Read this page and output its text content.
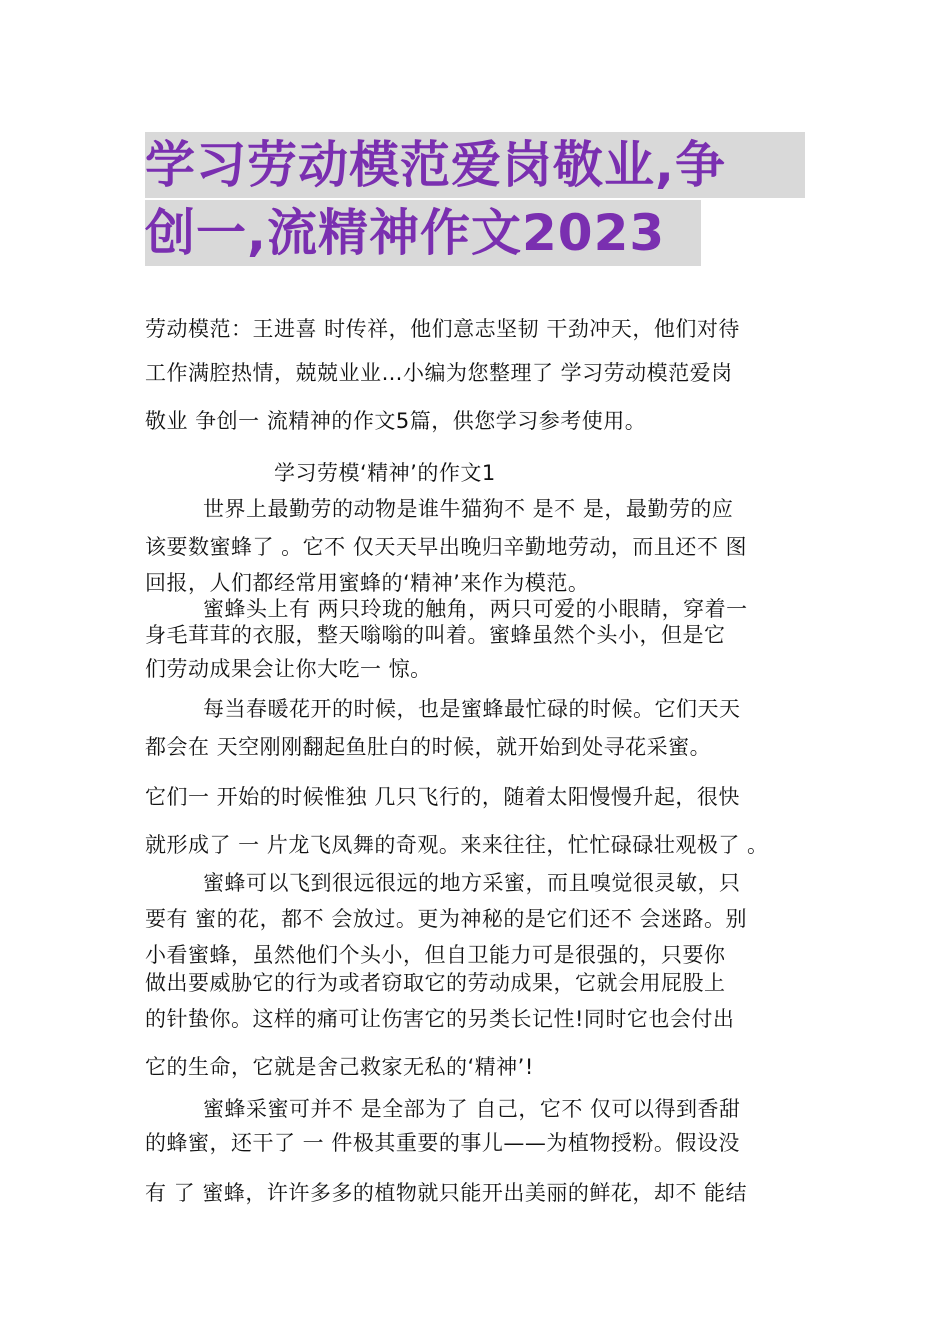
学习劳动模范爱岗敬业,争
创一,流精神作文2023
劳动模范：王进喜 时传祥，他们意志坚韧 干劲冲天，他们对待
工作满腔热情，兢兢业业…小编为您整理了 学习劳动模范爱岗
敬业 争创一 流精神的作文5篇，供您学习参考使用。
学习劳模‘精神’的作文1
世界上最勤劳的动物是谁牛猫狗不 是不 是，最勤劳的应
该要数蜜蜂了 。它不 仅天天早出晚归辛勤地劳动，而且还不 图
回报，人们都经常用蜜蜂的‘精神’来作为模范。
蜜蜂头上有 两只玲珑的触角，两只可爱的小眼睛，穿着一
身毛茸茸的衣服，整天嗡嗡的叫着。蜜蜂虽然个头小，但是它
们劳动成果会让你大吃一 惊。
每当春暖花开的时候，也是蜜蜂最忙碌的时候。它们天天
都会在 天空刚刚翻起鱼肚白的时候，就开始到处寻花采蜜。
它们一 开始的时候惟独 几只飞行的，随着太阳慢慢升起，很快
就形成了 一 片龙飞凤舞的奇观。来来往往，忙忙碌碌壮观极了 。
蜜蜂可以飞到很远很远的地方采蜜，而且嗅觉很灵敏，只
要有 蜜的花，都不 会放过。更为神秘的是它们还不 会迷路。别
小看蜜蜂，虽然他们个头小，但自卫能力可是很强的，只要你
做出要威胁它的行为或者窃取它的劳动成果，它就会用屁股上
的针蛰你。这样的痛可让伤害它的另类长记性!同时它也会付出
它的生命，它就是舍己救家无私的‘精神’!
蜜蜂采蜜可并不 是全部为了 自己，它不 仅可以得到香甜
的蜂蜜，还干了 一 件极其重要的事儿——为植物授粉。假设没
有 了 蜜蜂，许许多多的植物就只能开出美丽的鲜花，却不 能结
